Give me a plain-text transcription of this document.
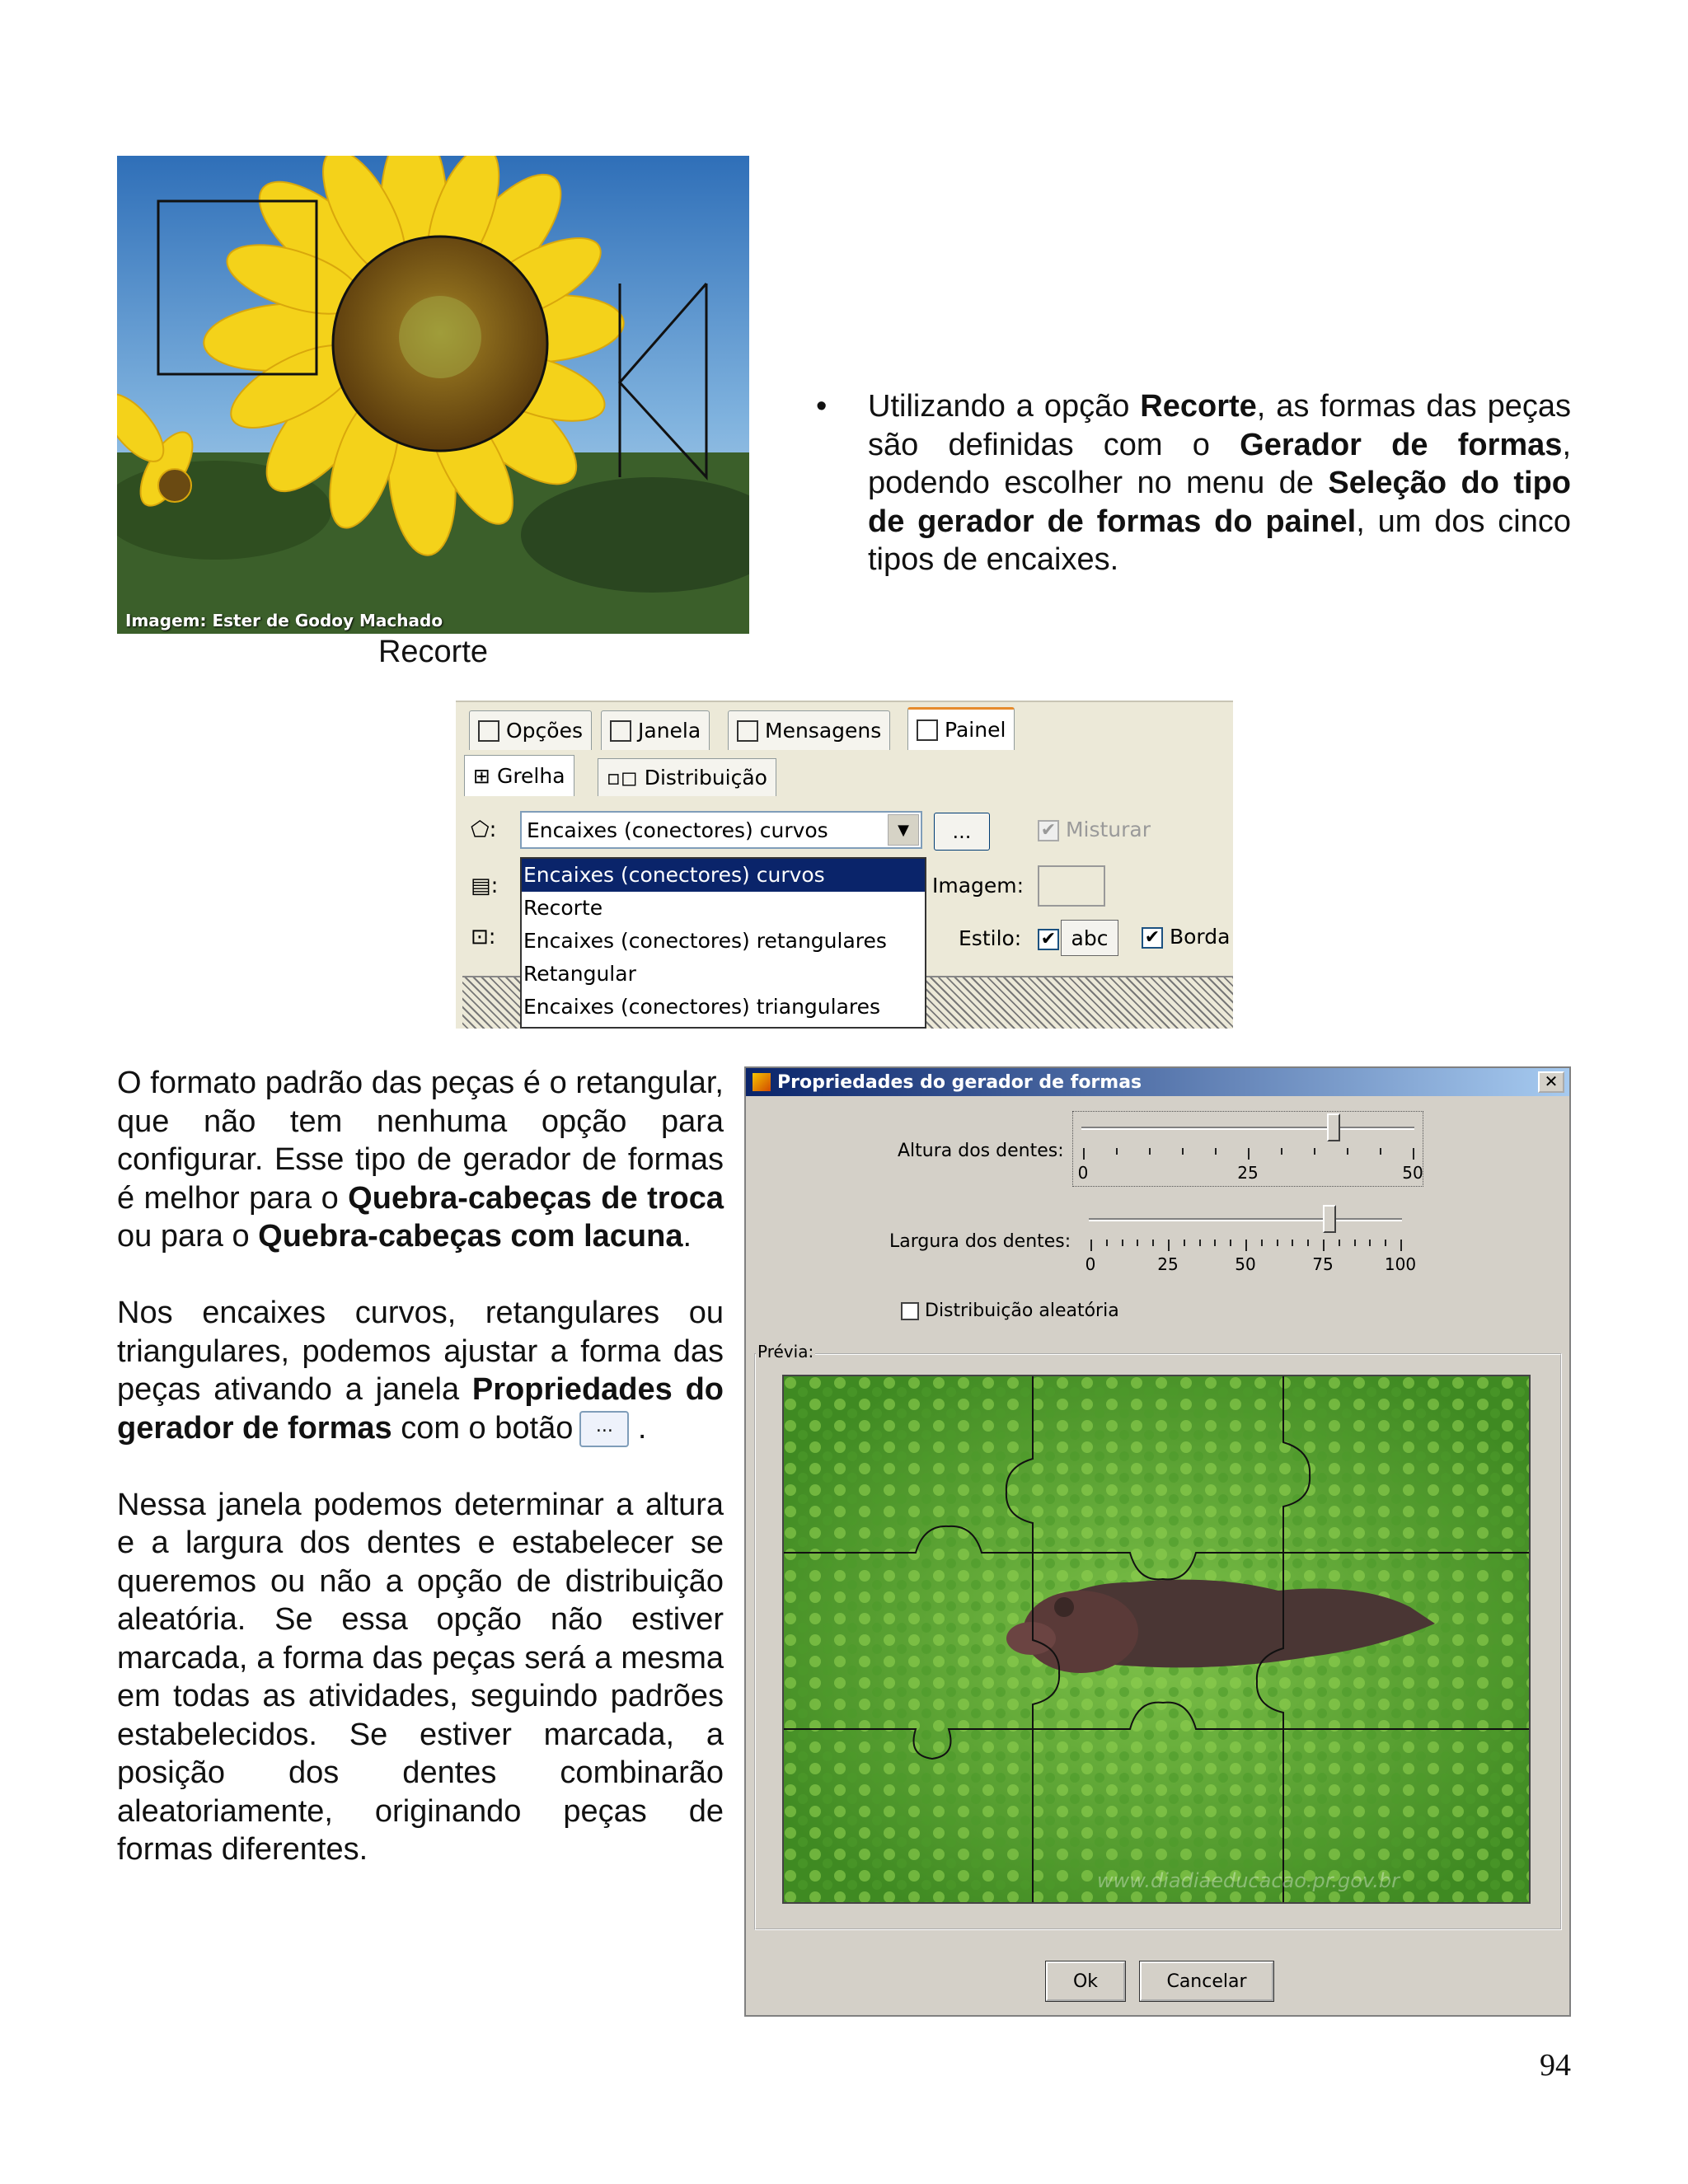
Imagem: Ester de Godoy Machado
Recorte
• Utilizando a opção Recorte, as formas das peças são definidas com o Gerador de formas, podendo escolher no menu de Seleção do tipo de gerador de formas do painel, um dos cinco tipos de encaixes.

Opções	Janela	Mensagens	Painel
⊞ Grelha ▫◻ Distribuição
⬠:
▤:
⊡:
Encaixes (conectores) curvos	▼	...	✔ Misturar
Imagem:
Estilo: ✔ abc	✔ Borda
Encaixes (conectores) curvos
Recorte
Encaixes (conectores) retangulares
Retangular
Encaixes (conectores) triangulares

O formato padrão das peças é o retangular, que não tem nenhuma opção para configurar. Esse tipo de gerador de formas é melhor para o Quebra-cabeças de troca ou para o Quebra-cabeças com lacuna.

Nos encaixes curvos, retangulares ou triangulares, podemos ajustar a forma das peças ativando a janela Propriedades do gerador de formas com o botão ... .

Nessa janela podemos determinar a altura e a largura dos dentes e estabelecer se queremos ou não a opção de distribuição aleatória. Se essa opção não estiver marcada, a forma das peças será a mesma em todas as atividades, seguindo padrões estabelecidos. Se estiver marcada, a posição dos dentes combinarão aleatoriamente, originando peças de formas diferentes.

Propriedades do gerador de formas	✕
Altura dos dentes:
0	25	50
Largura dos dentes:
0	25	50	75	100
Distribuição aleatória
Prévia:
www.diadiaeducacao.pr.gov.br
Ok	Cancelar
94
